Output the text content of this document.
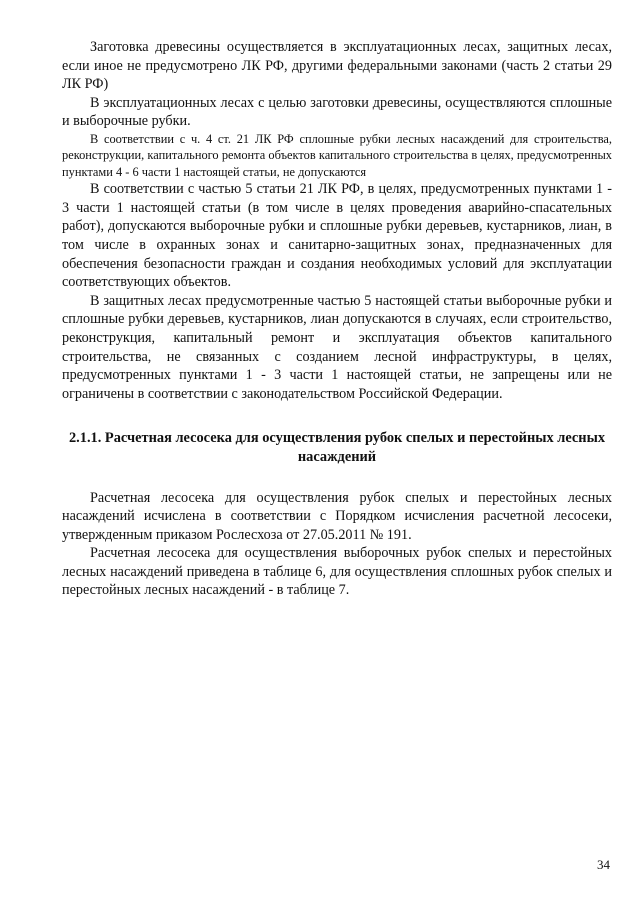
Заготовка древесины осуществляется в эксплуатационных лесах, защитных лесах, если иное не предусмотрено ЛК РФ, другими федеральными законами (часть 2 статьи 29 ЛК РФ)

В эксплуатационных лесах с целью заготовки древесины, осуществляются сплошные и выборочные рубки.

В соответствии с ч. 4 ст. 21 ЛК РФ сплошные рубки лесных насаждений для строительства, реконструкции, капитального ремонта объектов капитального строительства в целях, предусмотренных пунктами 4 - 6 части 1 настоящей статьи, не допускаются

В соответствии с частью 5 статьи 21 ЛК РФ, в целях, предусмотренных пунктами 1 - 3 части 1 настоящей статьи (в том числе в целях проведения аварийно-спасательных работ), допускаются выборочные рубки и сплошные рубки деревьев, кустарников, лиан, в том числе в охранных зонах и санитарно-защитных зонах, предназначенных для обеспечения безопасности граждан и создания необходимых условий для эксплуатации соответствующих объектов.

В защитных лесах предусмотренные частью 5 настоящей статьи выборочные рубки и сплошные рубки деревьев, кустарников, лиан допускаются в случаях, если строительство, реконструкция, капитальный ремонт и эксплуатация объектов капитального строительства, не связанных с созданием лесной инфраструктуры, в целях, предусмотренных пунктами 1 - 3 части 1 настоящей статьи, не запрещены или не ограничены в соответствии с законодательством Российской Федерации.

2.1.1. Расчетная лесосека для осуществления рубок спелых и перестойных лесных насаждений

Расчетная лесосека для осуществления рубок спелых и перестойных лесных насаждений исчислена в соответствии с Порядком исчисления расчетной лесосеки, утвержденным приказом Рослесхоза от 27.05.2011 № 191.

Расчетная лесосека для осуществления выборочных рубок спелых и перестойных лесных насаждений приведена в таблице 6, для осуществления сплошных рубок спелых и перестойных лесных насаждений - в таблице 7.

34
